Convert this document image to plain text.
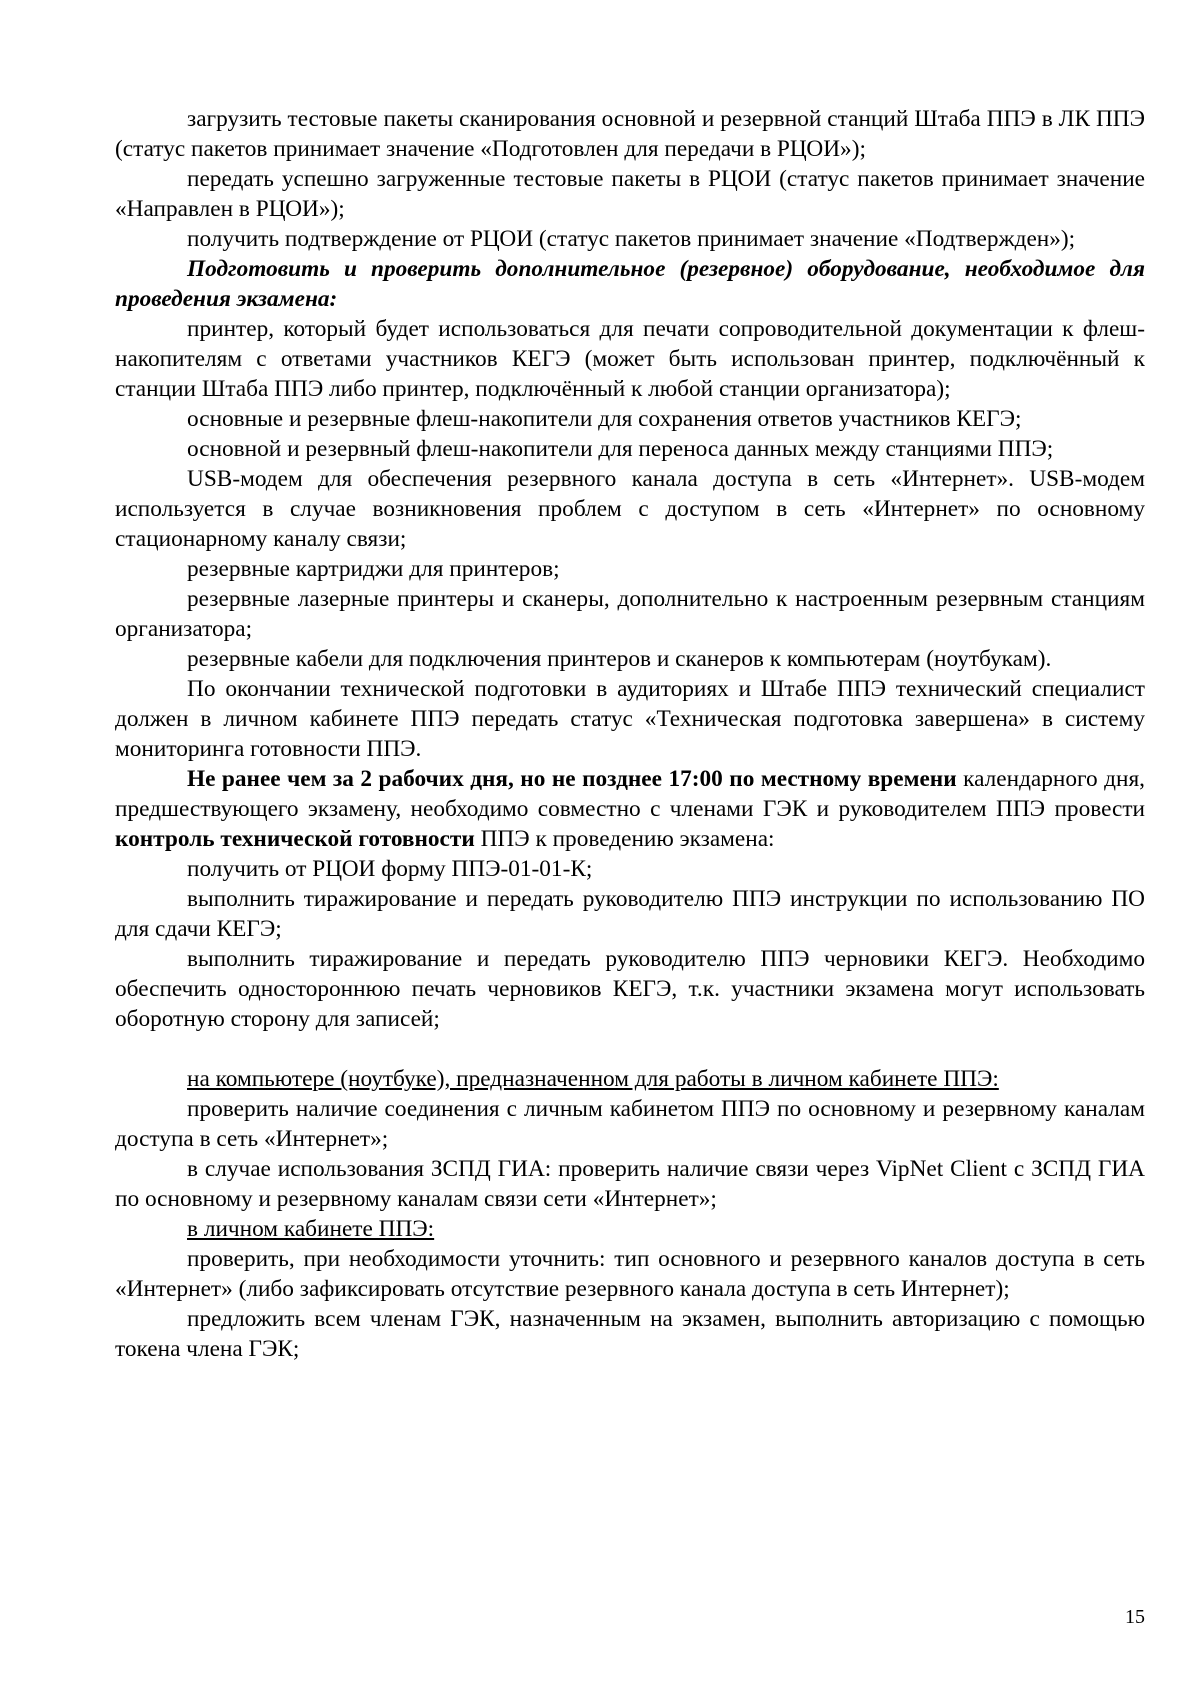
загрузить тестовые пакеты сканирования основной и резервной станций Штаба ППЭ в ЛК ППЭ (статус пакетов принимает значение «Подготовлен для передачи в РЦОИ»);

передать успешно загруженные тестовые пакеты в РЦОИ (статус пакетов принимает значение «Направлен в РЦОИ»);

получить подтверждение от РЦОИ (статус пакетов принимает значение «Подтвержден»);

Подготовить и проверить дополнительное (резервное) оборудование, необходимое для проведения экзамена:

принтер, который будет использоваться для печати сопроводительной документации к флеш-накопителям с ответами участников КЕГЭ (может быть использован принтер, подключённый к станции Штаба ППЭ либо принтер, подключённый к любой станции организатора);

основные и резервные флеш-накопители для сохранения ответов участников КЕГЭ;

основной и резервный флеш-накопители для переноса данных между станциями ППЭ;

USB-модем для обеспечения резервного канала доступа в сеть «Интернет». USB-модем используется в случае возникновения проблем с доступом в сеть «Интернет» по основному стационарному каналу связи;

резервные картриджи для принтеров;

резервные лазерные принтеры и сканеры, дополнительно к настроенным резервным станциям организатора;

резервные кабели для подключения принтеров и сканеров к компьютерам (ноутбукам).

По окончании технической подготовки в аудиториях и Штабе ППЭ технический специалист должен в личном кабинете ППЭ передать статус «Техническая подготовка завершена» в систему мониторинга готовности ППЭ.

Не ранее чем за 2 рабочих дня, но не позднее 17:00 по местному времени календарного дня, предшествующего экзамену, необходимо совместно с членами ГЭК и руководителем ППЭ провести контроль технической готовности ППЭ к проведению экзамена:

получить от РЦОИ форму ППЭ-01-01-К;

выполнить тиражирование и передать руководителю ППЭ инструкции по использованию ПО для сдачи КЕГЭ;

выполнить тиражирование и передать руководителю ППЭ черновики КЕГЭ. Необходимо обеспечить одностороннюю печать черновиков КЕГЭ, т.к. участники экзамена могут использовать оборотную сторону для записей;

на компьютере (ноутбуке), предназначенном для работы в личном кабинете ППЭ:

проверить наличие соединения с личным кабинетом ППЭ по основному и резервному каналам доступа в сеть «Интернет»;

в случае использования ЗСПД ГИА: проверить наличие связи через VipNet Client с ЗСПД ГИА по основному и резервному каналам связи сети «Интернет»;

в личном кабинете ППЭ:

проверить, при необходимости уточнить: тип основного и резервного каналов доступа в сеть «Интернет» (либо зафиксировать отсутствие резервного канала доступа в сеть Интернет);

предложить всем членам ГЭК, назначенным на экзамен, выполнить авторизацию с помощью токена члена ГЭК;

15
